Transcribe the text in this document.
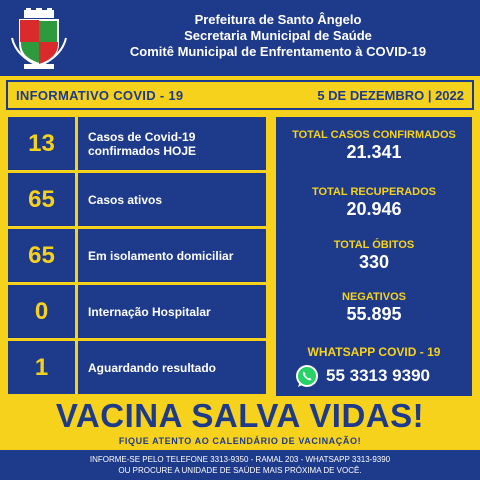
Prefeitura de Santo Ângelo
Secretaria Municipal de Saúde
Comitê Municipal de Enfrentamento à COVID-19
INFORMATIVO COVID - 19	5 DE DEZEMBRO | 2022
13	Casos de Covid-19 confirmados HOJE
65	Casos ativos
65	Em isolamento domiciliar
0	Internação Hospitalar
1	Aguardando resultado
TOTAL CASOS CONFIRMADOS
21.341
TOTAL RECUPERADOS
20.946
TOTAL ÓBITOS
330
NEGATIVOS
55.895
WHATSAPP COVID - 19
55 3313 9390
VACINA SALVA VIDAS!
FIQUE ATENTO AO CALENDÁRIO DE VACINAÇÃO!
INFORME-SE PELO TELEFONE 3313-9350 - RAMAL 203 - WHATSAPP 3313-9390
OU PROCURE A UNIDADE DE SAÚDE MAIS PRÓXIMA DE VOCÊ.
